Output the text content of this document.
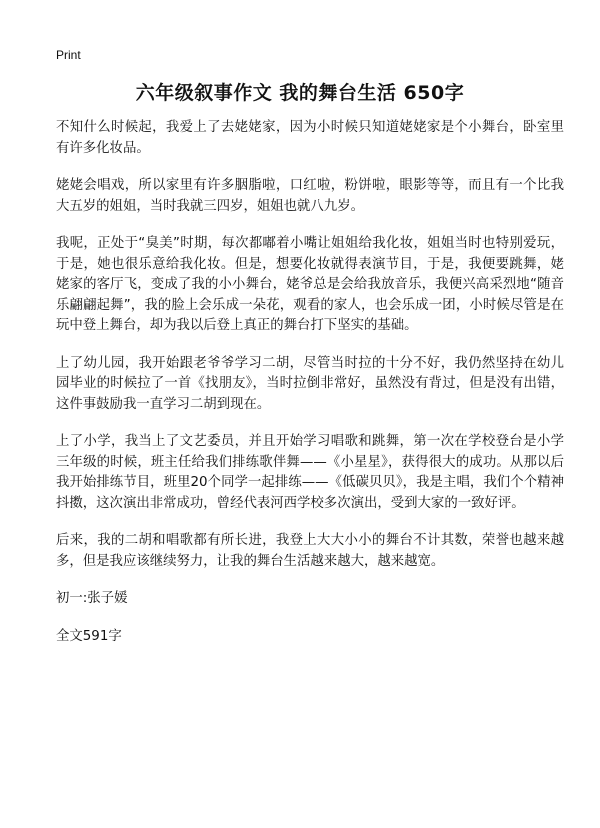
Print
六年级叙事作文 我的舞台生活 650字

不知什么时候起，我爱上了去姥姥家，因为小时候只知道姥姥家是个小舞台，卧室里有许多化妆品。

姥姥会唱戏，所以家里有许多胭脂啦，口红啦，粉饼啦，眼影等等，而且有一个比我大五岁的姐姐，当时我就三四岁，姐姐也就八九岁。

我呢，正处于“臭美”时期，每次都嘟着小嘴让姐姐给我化妆，姐姐当时也特别爱玩，于是，她也很乐意给我化妆。但是，想要化妆就得表演节目，于是，我便要跳舞，姥姥家的客厅飞，变成了我的小小舞台，姥爷总是会给我放音乐，我便兴高采烈地“随音乐翩翩起舞”，我的脸上会乐成一朵花，观看的家人，也会乐成一团，小时候尽管是在玩中登上舞台，却为我以后登上真正的舞台打下坚实的基础。

上了幼儿园，我开始跟老爷爷学习二胡，尽管当时拉的十分不好，我仍然坚持在幼儿园毕业的时候拉了一首《找朋友》，当时拉倒非常好，虽然没有背过，但是没有出错，这件事鼓励我一直学习二胡到现在。

上了小学，我当上了文艺委员，并且开始学习唱歌和跳舞，第一次在学校登台是小学三年级的时候，班主任给我们排练歌伴舞——《小星星》，获得很大的成功。从那以后我开始排练节目，班里20个同学一起排练——《低碳贝贝》，我是主唱，我们个个精神抖擞，这次演出非常成功，曾经代表河西学校多次演出，受到大家的一致好评。

后来，我的二胡和唱歌都有所长进，我登上大大小小的舞台不计其数，荣誉也越来越多，但是我应该继续努力，让我的舞台生活越来越大，越来越宽。

初一:张子媛

全文591字
